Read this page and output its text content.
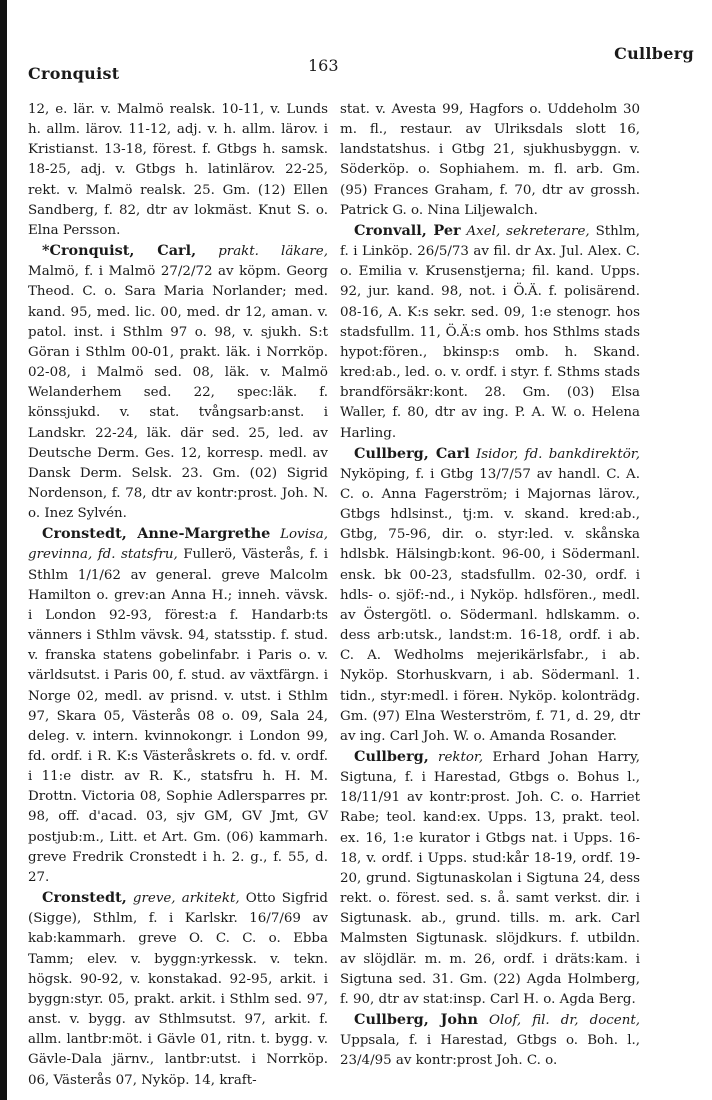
Cronquist	163
Cullberg

12, e. lär. v. Malmö realsk. 10-11, v. Lunds h. allm. lärov. 11-12, adj. v. h. allm. lärov. i Kristianst. 13-18, förest. f. Gtbgs h. samsk. 18-25, adj. v. Gtbgs h. latinlärov. 22-25, rekt. v. Malmö realsk. 25. Gm. (12) Ellen Sandberg, f. 82, dtr av lokmäst. Knut S. o. Elna Persson.

*Cronquist, Carl, prakt. läkare, Malmö, f. i Malmö 27/2/72 av köpm. Georg Theod. C. o. Sara Maria Norlander; med. kand. 95, med. lic. 00, med. dr 12, aman. v. patol. inst. i Sthlm 97 o. 98, v. sjukh. S:t Göran i Sthlm 00-01, prakt. läk. i Norrköp. 02-08, i Malmö sed. 08, läk. v. Malmö Welanderhem sed. 22, spec:läk. f. könssjukd. v. stat. tvångsarb:anst. i Landskr. 22-24, läk. där sed. 25, led. av Deutsche Derm. Ges. 12, korresp. medl. av Dansk Derm. Selsk. 23. Gm. (02) Sigrid Nordenson, f. 78, dtr av kontr:prost. Joh. N. o. Inez Sylvén.

Cronstedt, Anne-Margrethe Lovisa, grevinna, fd. statsfru, Fullerö, Västerås, f. i Sthlm 1/1/62 av general. greve Malcolm Hamilton o. grev:an Anna H.; inneh. vävsk. i London 92-93, förest:a f. Handarb:ts vänners i Sthlm vävsk. 94, statsstip. f. stud. v. franska statens gobelinfabr. i Paris o. v. världsutst. i Paris 00, f. stud. av växtfärgn. i Norge 02, medl. av prisnd. v. utst. i Sthlm 97, Skara 05, Västerås 08 o. 09, Sala 24, deleg. v. intern. kvinnokongr. i London 99, fd. ordf. i R. K:s Västeråskrets o. fd. v. ordf. i 11:e distr. av R. K., statsfru h. H. M. Drottn. Victoria 08, Sophie Adlersparres pr. 98, off. d'acad. 03, sjv GM, GV Jmt, GV postjub:m., Litt. et Art. Gm. (06) kammarh. greve Fredrik Cronstedt i h. 2. g., f. 55, d. 27.

Cronstedt, greve, arkitekt, Otto Sigfrid (Sigge), Sthlm, f. i Karlskr. 16/7/69 av kab:kammarh. greve O. C. C. o. Ebba Tamm; elev. v. byggn:yrkessk. v. tekn. högsk. 90-92, v. konstakad. 92-95, arkit. i byggn:styr. 05, prakt. arkit. i Sthlm sed. 97, anst. v. bygg. av Sthlmsutst. 97, arkit. f. allm. lantbr:möt. i Gävle 01, ritn. t. bygg. v. Gävle-Dala järnv., lantbr:utst. i Norrköp. 06, Västerås 07, Nyköp. 14, kraft-

stat. v. Avesta 99, Hagfors o. Uddeholm 30 m. fl., restaur. av Ulriksdals slott 16, landstatshus. i Gtbg 21, sjukhusbyggn. v. Söderköp. o. Sophiahem. m. fl. arb. Gm. (95) Frances Graham, f. 70, dtr av grossh. Patrick G. o. Nina Liljewalch.

Cronvall, Per Axel, sekreterare, Sthlm, f. i Linköp. 26/5/73 av fil. dr Ax. Jul. Alex. C. o. Emilia v. Krusenstjerna; fil. kand. Upps. 92, jur. kand. 98, not. i Ö.Ä. f. polisärend. 08-16, A. K:s sekr. sed. 09, 1:e stenogr. hos stadsfullm. 11, Ö.Ä:s omb. hos Sthlms stads hypot:fören., bkinsp:s omb. h. Skand. kred:ab., led. o. v. ordf. i styr. f. Sthms stads brandförsäkr:kont. 28. Gm. (03) Elsa Waller, f. 80, dtr av ing. P. A. W. o. Helena Harling.

Cullberg, Carl Isidor, fd. bankdirektör, Nyköping, f. i Gtbg 13/7/57 av handl. C. A. C. o. Anna Fagerström; i Majornas lärov., Gtbgs hdlsinst., tj:m. v. skand. kred:ab., Gtbg, 75-96, dir. o. styr:led. v. skånska hdlsbk. Hälsingb:kont. 96-00, i Södermanl. ensk. bk 00-23, stadsfullm. 02-30, ordf. i hdls- o. sjöf:-nd., i Nyköp. hdlsfören., medl. av Östergötl. o. Södermanl. hdlskamm. o. dess arb:utsk., landst:m. 16-18, ordf. i ab. C. A. Wedholms mejerikärlsfabr., i ab. Nyköp. Storhuskvarn, i ab. Södermanl. 1. tidn., styr:medl. i föreн. Nyköp. kolonträdg. Gm. (97) Elna Westerström, f. 71, d. 29, dtr av ing. Carl Joh. W. o. Amanda Rosander.

Cullberg, rektor, Erhard Johan Harry, Sigtuna, f. i Harestad, Gtbgs o. Bohus l., 18/11/91 av kontr:prost. Joh. C. o. Harriet Rabe; teol. kand:ex. Upps. 13, prakt. teol. ex. 16, 1:e kurator i Gtbgs nat. i Upps. 16-18, v. ordf. i Upps. stud:kår 18-19, ordf. 19-20, grund. Sigtunaskolan i Sigtuna 24, dess rekt. o. förest. sed. s. å. samt verkst. dir. i Sigtunask. ab., grund. tills. m. ark. Carl Malmsten Sigtunask. slöjdkurs. f. utbildn. av slöjdlär. m. m. 26, ordf. i dräts:kam. i Sigtuna sed. 31. Gm. (22) Agda Holmberg, f. 90, dtr av stat:insp. Carl H. o. Agda Berg.

Cullberg, John Olof, fil. dr, docent, Uppsala, f. i Harestad, Gtbgs o. Boh. l., 23/4/95 av kontr:prost Joh. C. o.
